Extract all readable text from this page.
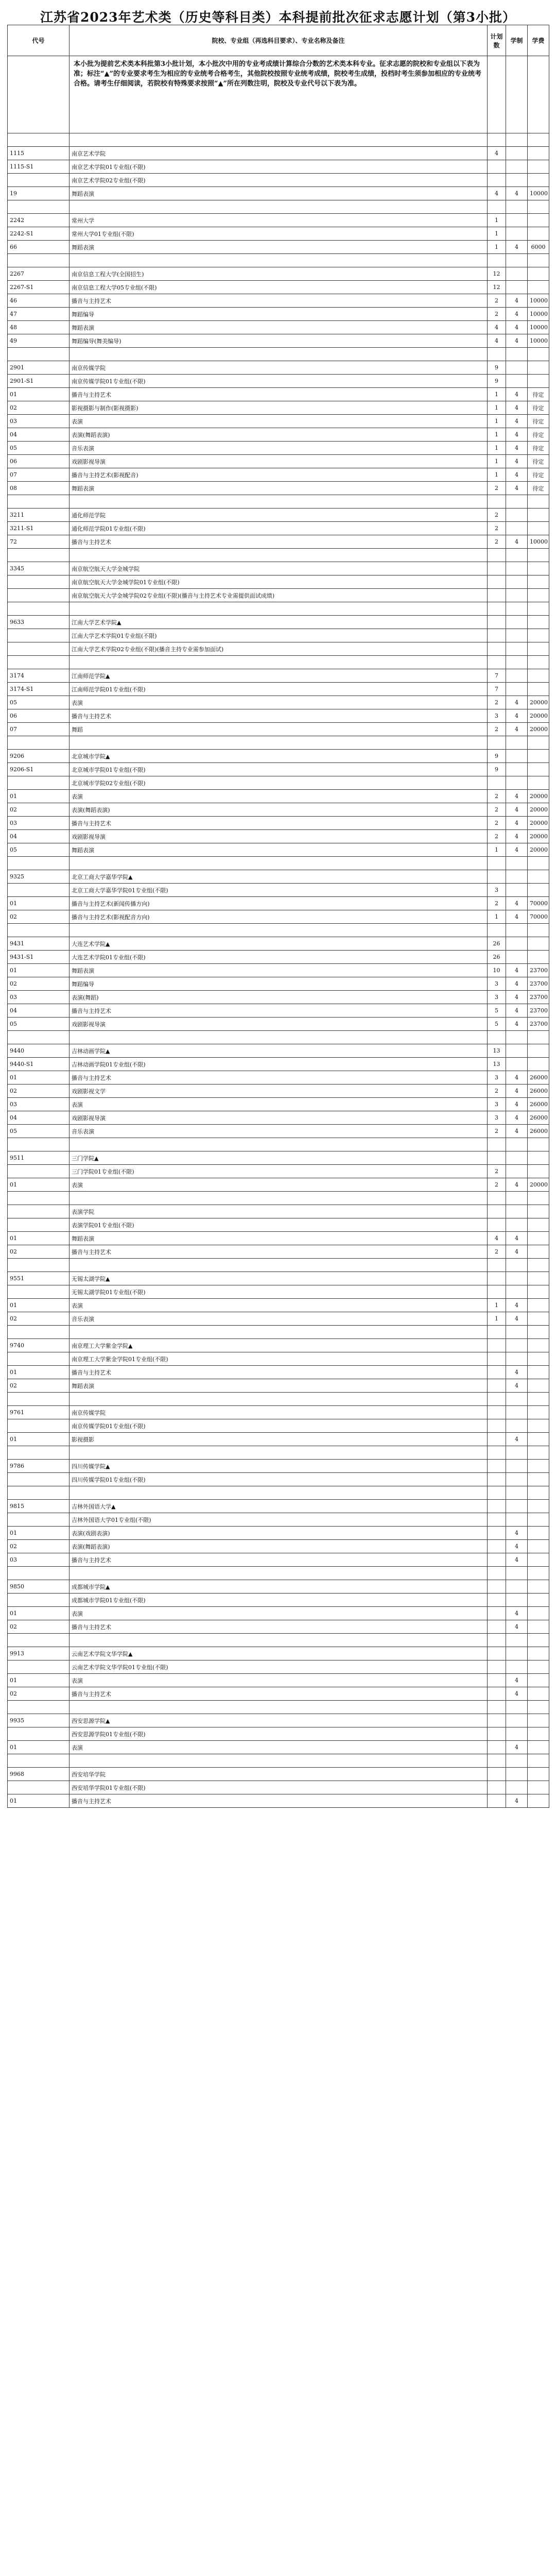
江苏省2023年艺术类（历史等科目类）本科提前批次征求志愿计划（第3小批）
代号	院校、专业组（再选科目要求）、专业名称及备注	计划数	学制	学费
	本小批为提前艺术类本科批第3小批计划，本小批次中用的专业考成绩计算综合分数的艺术类本科专业。征求志愿的院校和专业组以下表为准；标注“▲”的专业要求考生为相应的专业统考合格考生，其他院校按照专业统考成绩，院校考生成绩，投档时考生须参加相应的专业统考合格。请考生仔细阅读，若院校有特殊要求按照“▲”所在列数注明，院校及专业代号以下表为准。			

1115	南京艺术学院	4		
1115-S1	南京艺术学院01专业组(不限)			
	南京艺术学院02专业组(不限)			
19	舞蹈表演	4	4	10000

2242	常州大学	1		
2242-S1	常州大学01专业组(不限)	1		
66	舞蹈表演	1	4	6000

2267	南京信息工程大学(全国招生)	12		
2267-S1	南京信息工程大学05专业组(不限)	12		
46	播音与主持艺术	2	4	10000
47	舞蹈编导	2	4	10000
48	舞蹈表演	4	4	10000
49	舞蹈编导(舞美编导)	4	4	10000

2901	南京传媒学院	9		
2901-S1	南京传媒学院01专业组(不限)	9		
01	播音与主持艺术	1	4	待定
02	影视摄影与制作(影视摄影)	1	4	待定
03	表演	1	4	待定
04	表演(舞蹈表演)	1	4	待定
05	音乐表演	1	4	待定
06	戏剧影视导演	1	4	待定
07	播音与主持艺术(影视配音)	1	4	待定
08	舞蹈表演	2	4	待定

3211	通化师范学院	2		
3211-S1	通化师范学院01专业组(不限)	2		
72	播音与主持艺术	2	4	10000

3345	南京航空航天大学金城学院			
	南京航空航天大学金城学院01专业组(不限)			
	南京航空航天大学金城学院02专业组(不限)(播音与主持艺术专业需提供面试成绩)			

9633	江南大学艺术学院▲			
	江南大学艺术学院01专业组(不限)			
	江南大学艺术学院02专业组(不限)(播音主持专业需参加面试)			

3174	江南师范学院▲	7		
3174-S1	江南师范学院01专业组(不限)	7		
05	表演	2	4	20000
06	播音与主持艺术	3	4	20000
07	舞蹈	2	4	20000

9206	北京城市学院▲	9		
9206-S1	北京城市学院01专业组(不限)	9		
	北京城市学院02专业组(不限)			
01	表演	2	4	20000
02	表演(舞蹈表演)	2	4	20000
03	播音与主持艺术	2	4	20000
04	戏剧影视导演	2	4	20000
05	舞蹈表演	1	4	20000

9325	北京工商大学嘉华学院▲			
	北京工商大学嘉华学院01专业组(不限)	3		
01	播音与主持艺术(新闻传播方向)	2	4	70000
02	播音与主持艺术(影视配音方向)	1	4	70000

9431	大连艺术学院▲	26		
9431-S1	大连艺术学院01专业组(不限)	26		
01	舞蹈表演	10	4	23700
02	舞蹈编导	3	4	23700
03	表演(舞蹈)	3	4	23700
04	播音与主持艺术	5	4	23700
05	戏剧影视导演	5	4	23700

9440	吉林动画学院▲	13		
9440-S1	吉林动画学院01专业组(不限)	13		
01	播音与主持艺术	3	4	26000
02	戏剧影视文学	2	4	26000
03	表演	3	4	26000
04	戏剧影视导演	3	4	26000
05	音乐表演	2	4	26000

9511	三门学院▲			
	三门学院01专业组(不限)	2		
01	表演	2	4	20000

	表演学院			
	表演学院01专业组(不限)			
01	舞蹈表演	4	4	
02	播音与主持艺术	2	4	

9551	无锡太湖学院▲			
	无锡太湖学院01专业组(不限)			
01	表演	1	4	
02	音乐表演	1	4	

9740	南京理工大学紫金学院▲			
	南京理工大学紫金学院01专业组(不限)			
01	播音与主持艺术		4	
02	舞蹈表演		4	

9761	南京传媒学院			
	南京传媒学院01专业组(不限)			
01	影视摄影		4	

9786	四川传媒学院▲			
	四川传媒学院01专业组(不限)			

9815	吉林外国语大学▲			
	吉林外国语大学01专业组(不限)			
01	表演(戏剧表演)		4	
02	表演(舞蹈表演)		4	
03	播音与主持艺术		4	

9850	成都城市学院▲			
	成都城市学院01专业组(不限)			
01	表演		4	
02	播音与主持艺术		4	

9913	云南艺术学院文华学院▲			
	云南艺术学院文华学院01专业组(不限)			
01	表演		4	
02	播音与主持艺术		4	

9935	西安思源学院▲			
	西安思源学院01专业组(不限)			
01	表演		4	

9968	西安培华学院			
	西安培华学院01专业组(不限)			
01	播音与主持艺术		4	
